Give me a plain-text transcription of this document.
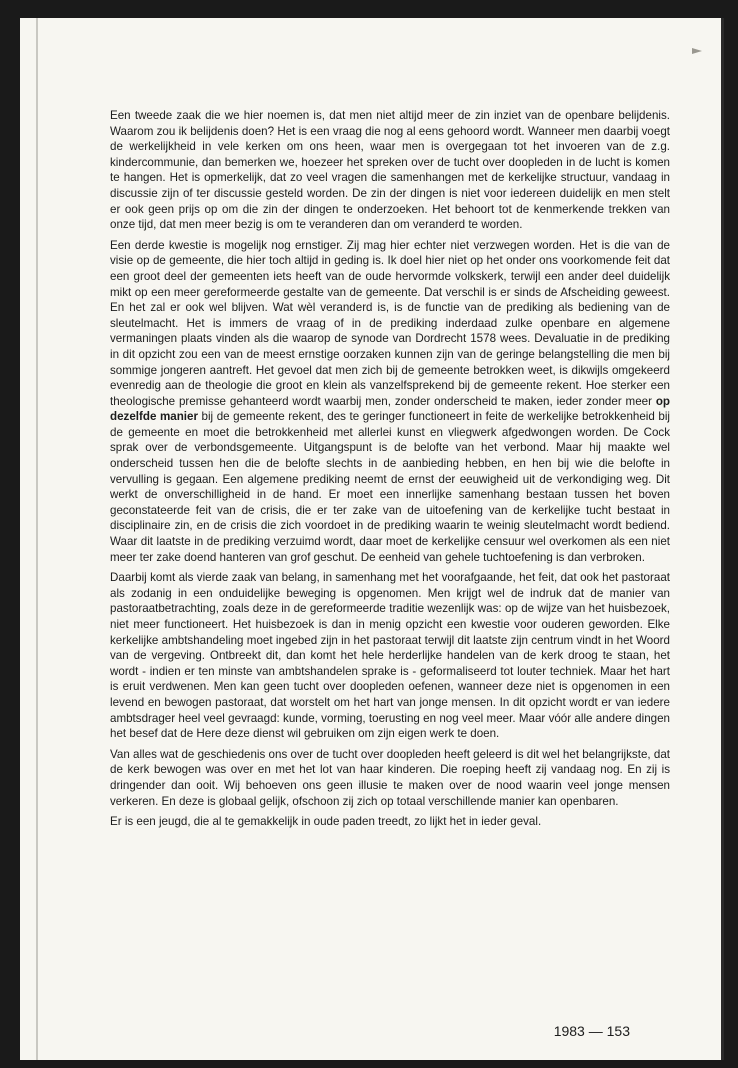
Een tweede zaak die we hier noemen is, dat men niet altijd meer de zin inziet van de openbare belijdenis. Waarom zou ik belijdenis doen? Het is een vraag die nog al eens gehoord wordt. Wanneer men daarbij voegt de werkelijkheid in vele kerken om ons heen, waar men is overgegaan tot het invoeren van de z.g. kindercommunie, dan bemerken we, hoezeer het spreken over de tucht over doopleden in de lucht is komen te hangen. Het is opmerkelijk, dat zo veel vragen die samenhangen met de kerkelijke structuur, vandaag in discussie zijn of ter discussie gesteld worden. De zin der dingen is niet voor iedereen duidelijk en men stelt er ook geen prijs op om die zin der dingen te onderzoeken. Het behoort tot de kenmerkende trekken van onze tijd, dat men meer bezig is om te veranderen dan om veranderd te worden.

Een derde kwestie is mogelijk nog ernstiger. Zij mag hier echter niet verzwegen worden. Het is die van de visie op de gemeente, die hier toch altijd in geding is. Ik doel hier niet op het onder ons voorkomende feit dat een groot deel der gemeenten iets heeft van de oude hervormde volkskerk, terwijl een ander deel duidelijk mikt op een meer gereformeerde gestalte van de gemeente. Dat verschil is er sinds de Afscheiding geweest. En het zal er ook wel blijven. Wat wèl veranderd is, is de functie van de prediking als bediening van de sleutelmacht. Het is immers de vraag of in de prediking inderdaad zulke openbare en algemene vermaningen plaats vinden als die waarop de synode van Dordrecht 1578 wees. Devaluatie in de prediking in dit opzicht zou een van de meest ernstige oorzaken kunnen zijn van de geringe belangstelling die men bij sommige jongeren aantreft. Het gevoel dat men zich bij de gemeente betrokken weet, is dikwijls omgekeerd evenredig aan de theologie die groot en klein als vanzelfsprekend bij de gemeente rekent. Hoe sterker een theologische premisse gehanteerd wordt waarbij men, zonder onderscheid te maken, ieder zonder meer op dezelfde manier bij de gemeente rekent, des te geringer functioneert in feite de werkelijke betrokkenheid bij de gemeente en moet die betrokkenheid met allerlei kunst en vliegwerk afgedwongen worden. De Cock sprak over de verbondsgemeente. Uitgangspunt is de belofte van het verbond. Maar hij maakte wel onderscheid tussen hen die de belofte slechts in de aanbieding hebben, en hen bij wie die belofte in vervulling is gegaan. Een algemene prediking neemt de ernst der eeuwigheid uit de verkondiging weg. Dit werkt de onverschilligheid in de hand. Er moet een innerlijke samenhang bestaan tussen het boven geconstateerde feit van de crisis, die er ter zake van de uitoefening van de kerkelijke tucht bestaat in disciplinaire zin, en de crisis die zich voordoet in de prediking waarin te weinig sleutelmacht wordt bediend. Waar dit laatste in de prediking verzuimd wordt, daar moet de kerkelijke censuur wel overkomen als een niet meer ter zake doend hanteren van grof geschut. De eenheid van gehele tuchtoefening is dan verbroken.

Daarbij komt als vierde zaak van belang, in samenhang met het voorafgaande, het feit, dat ook het pastoraat als zodanig in een onduidelijke beweging is opgenomen. Men krijgt wel de indruk dat de manier van pastoraatbetrachting, zoals deze in de gereformeerde traditie wezenlijk was: op de wijze van het huisbezoek, niet meer functioneert. Het huisbezoek is dan in menig opzicht een kwestie voor ouderen geworden. Elke kerkelijke ambtshandeling moet ingebed zijn in het pastoraat terwijl dit laatste zijn centrum vindt in het Woord van de vergeving. Ontbreekt dit, dan komt het hele herderlijke handelen van de kerk droog te staan, het wordt - indien er ten minste van ambtshandelen sprake is - geformaliseerd tot louter techniek. Maar het hart is eruit verdwenen. Men kan geen tucht over doopleden oefenen, wanneer deze niet is opgenomen in een levend en bewogen pastoraat, dat worstelt om het hart van jonge mensen. In dit opzicht wordt er van iedere ambtsdrager heel veel gevraagd: kunde, vorming, toerusting en nog veel meer. Maar vóór alle andere dingen het besef dat de Here deze dienst wil gebruiken om zijn eigen werk te doen.

Van alles wat de geschiedenis ons over de tucht over doopleden heeft geleerd is dit wel het belangrijkste, dat de kerk bewogen was over en met het lot van haar kinderen. Die roeping heeft zij vandaag nog. En zij is dringender dan ooit. Wij behoeven ons geen illusie te maken over de nood waarin veel jonge mensen verkeren. En deze is globaal gelijk, ofschoon zij zich op totaal verschillende manier kan openbaren.

Er is een jeugd, die al te gemakkelijk in oude paden treedt, zo lijkt het in ieder geval.

1983 — 153
